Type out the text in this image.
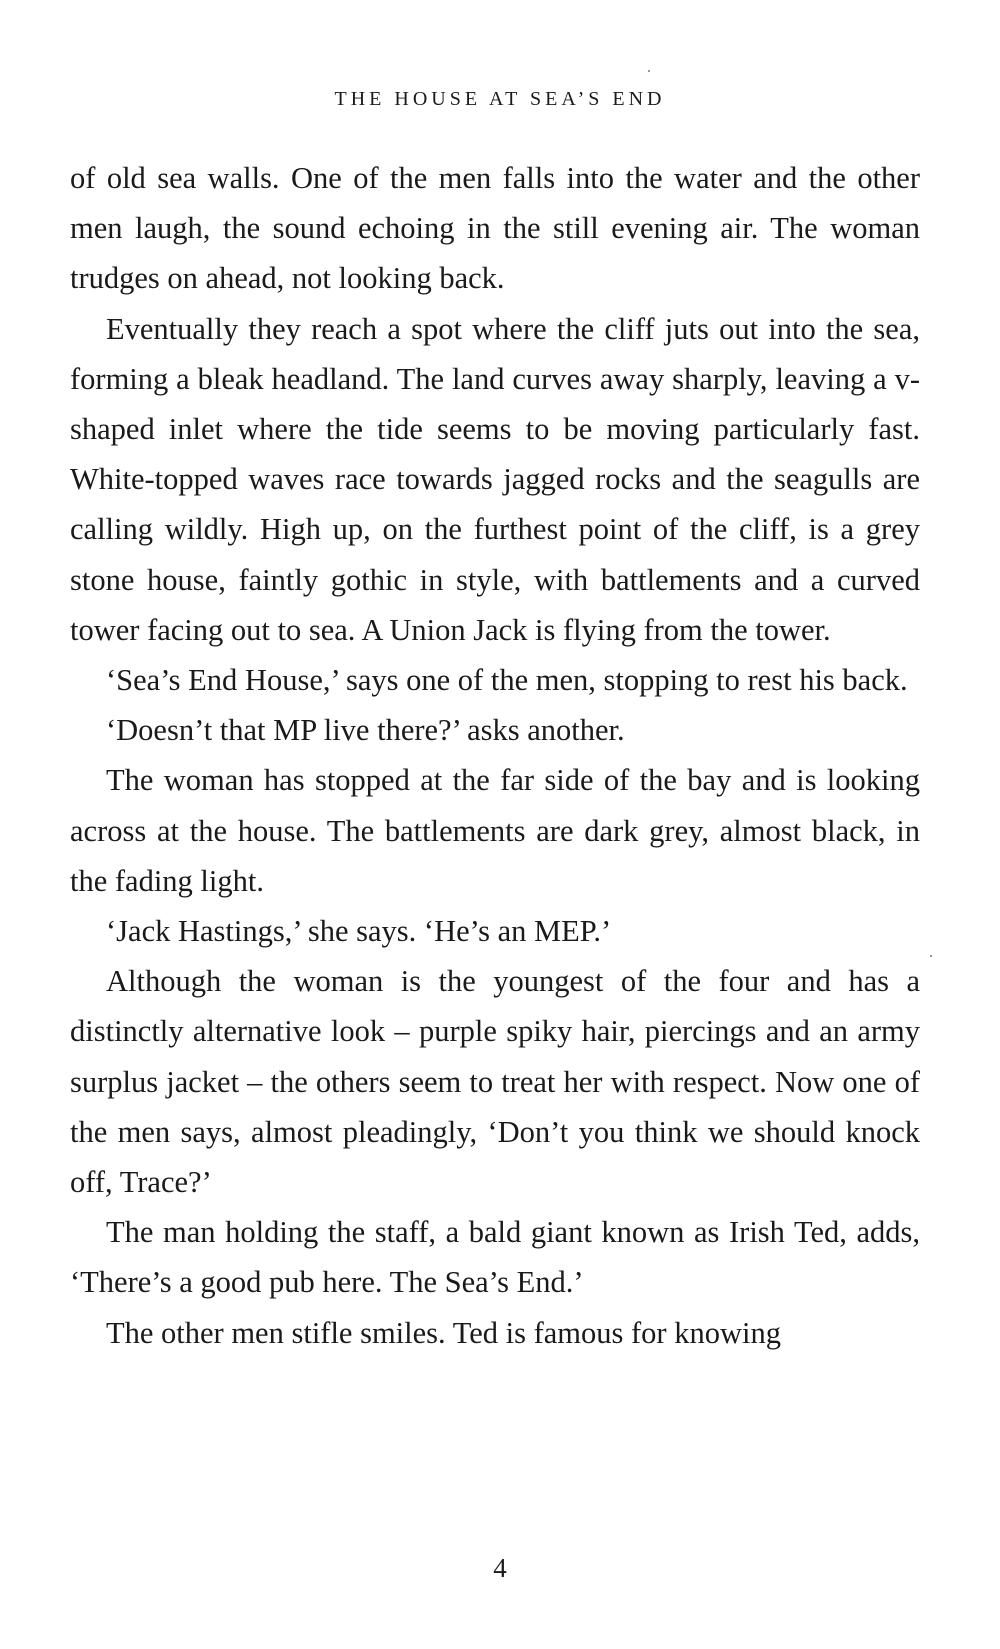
THE HOUSE AT SEA’S END

of old sea walls. One of the men falls into the water and the other men laugh, the sound echoing in the still evening air. The woman trudges on ahead, not looking back.

Eventually they reach a spot where the cliff juts out into the sea, forming a bleak headland. The land curves away sharply, leaving a v-shaped inlet where the tide seems to be moving particularly fast. White-topped waves race towards jagged rocks and the seagulls are calling wildly. High up, on the furthest point of the cliff, is a grey stone house, faintly gothic in style, with battlements and a curved tower facing out to sea. A Union Jack is flying from the tower.

‘Sea’s End House,’ says one of the men, stopping to rest his back.

‘Doesn’t that MP live there?’ asks another.

The woman has stopped at the far side of the bay and is looking across at the house. The battlements are dark grey, almost black, in the fading light.

‘Jack Hastings,’ she says. ‘He’s an MEP.’

Although the woman is the youngest of the four and has a distinctly alternative look – purple spiky hair, piercings and an army surplus jacket – the others seem to treat her with respect. Now one of the men says, almost pleadingly, ‘Don’t you think we should knock off, Trace?’

The man holding the staff, a bald giant known as Irish Ted, adds, ‘There’s a good pub here. The Sea’s End.’

The other men stifle smiles. Ted is famous for knowing

4
